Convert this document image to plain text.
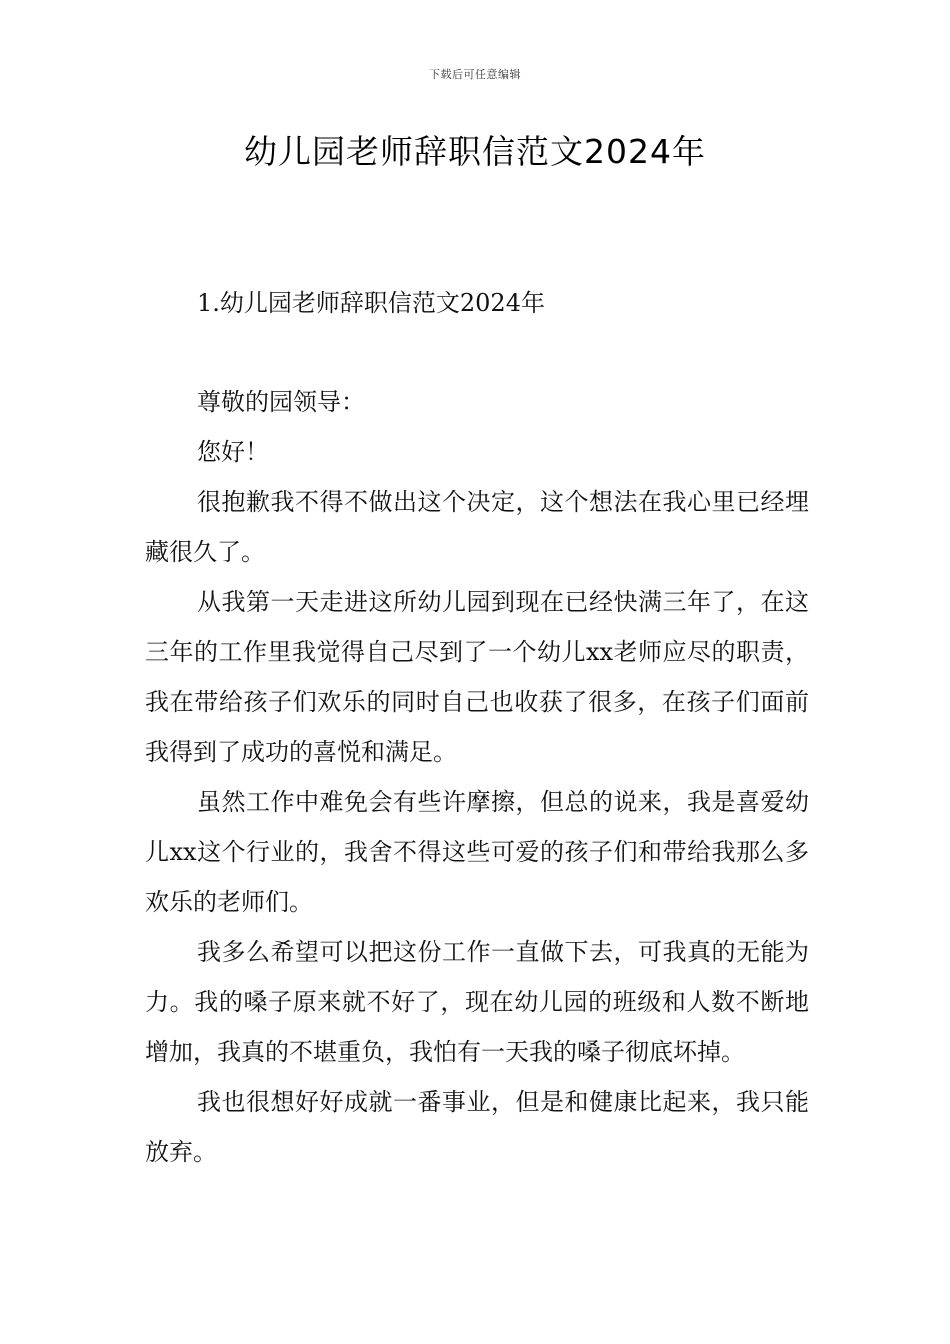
下载后可任意编辑
幼儿园老师辞职信范文2024年
1.幼儿园老师辞职信范文2024年

尊敬的园领导：

您好！

很抱歉我不得不做出这个决定，这个想法在我心里已经埋藏很久了。

从我第一天走进这所幼儿园到现在已经快满三年了，在这三年的工作里我觉得自己尽到了一个幼儿xx老师应尽的职责，我在带给孩子们欢乐的同时自己也收获了很多，在孩子们面前我得到了成功的喜悦和满足。

虽然工作中难免会有些许摩擦，但总的说来，我是喜爱幼儿xx这个行业的，我舍不得这些可爱的孩子们和带给我那么多欢乐的老师们。

我多么希望可以把这份工作一直做下去，可我真的无能为力。我的嗓子原来就不好了，现在幼儿园的班级和人数不断地增加，我真的不堪重负，我怕有一天我的嗓子彻底坏掉。

我也很想好好成就一番事业，但是和健康比起来，我只能放弃。
